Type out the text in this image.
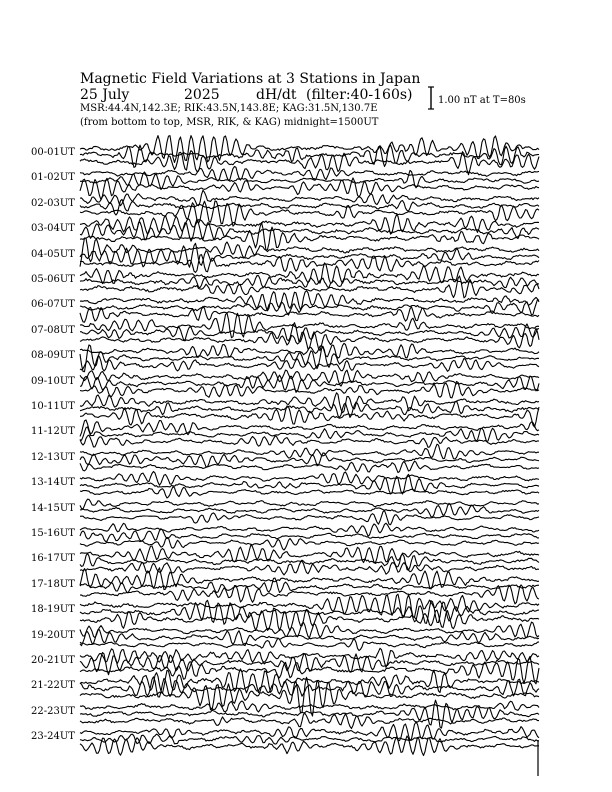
Magnetic Field Variations at 3 Stations in Japan
25 July	2025	dH/dt (filter:40-160s)
MSR:44.4N,142.3E; RIK:43.5N,143.8E; KAG:31.5N,130.7E
(from bottom to top, MSR, RIK, & KAG) midnight=1500UT
1.00 nT at T=80s
00-01UT
01-02UT
02-03UT
03-04UT
04-05UT
05-06UT
06-07UT
07-08UT
08-09UT
09-10UT
10-11UT
11-12UT
12-13UT
13-14UT
14-15UT
15-16UT
16-17UT
17-18UT
18-19UT
19-20UT
20-21UT
21-22UT
22-23UT
23-24UT
